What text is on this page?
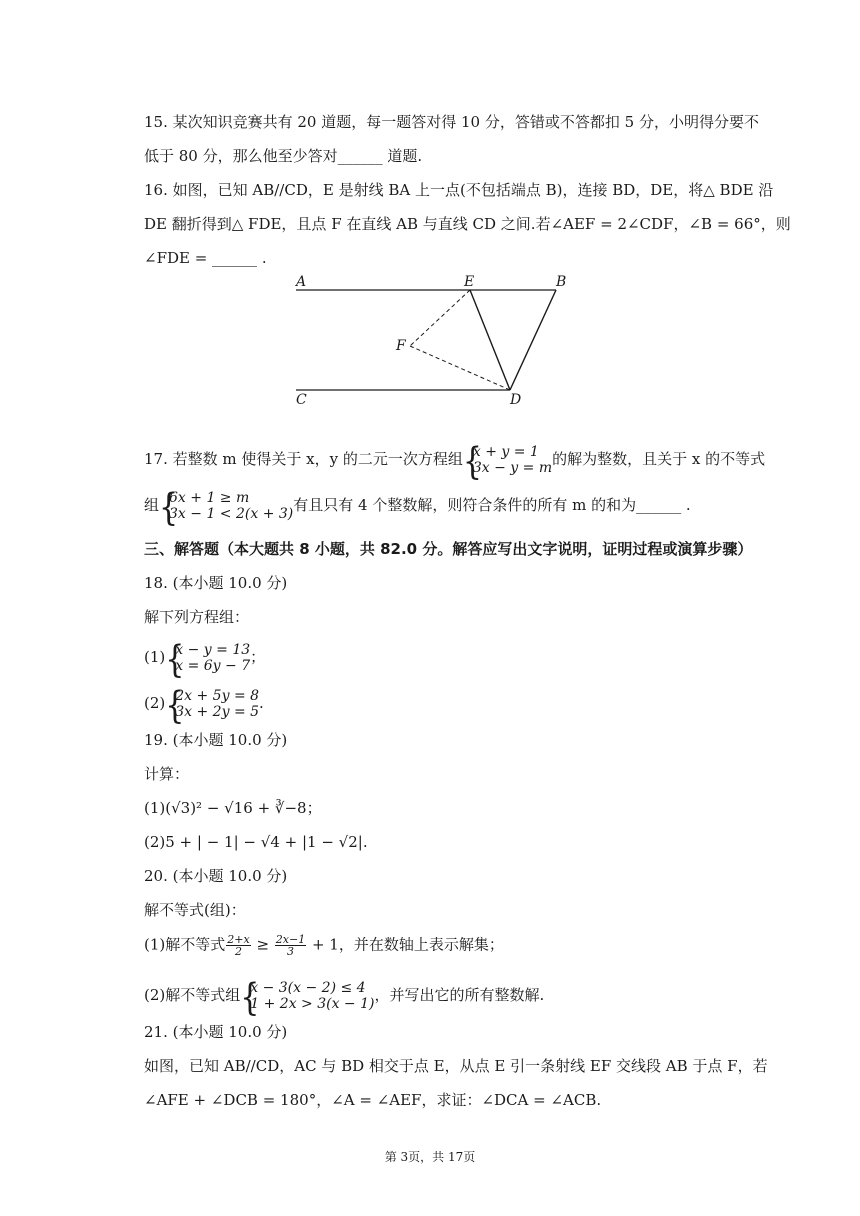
15. 某次知识竞赛共有 20 道题，每一题答对得 10 分，答错或不答都扣 5 分，小明得分要不
低于 80 分，那么他至少答对______ 道题.
16. 如图，已知 AB//CD，E 是射线 BA 上一点(不包括端点 B)，连接 BD，DE，将△ BDE 沿
DE 翻折得到△ FDE，且点 F 在直线 AB 与直线 CD 之间.若∠AEF = 2∠CDF，∠B = 66°，则
∠FDE = ______ .
A	E	B
F
C	D
17. 若整数 m 使得关于 x，y 的二元一次方程组 {
x + y = 1
3x − y = m 的解为整数，且关于 x 的不等式
组 {
6x + 1 ≥ m
3x − 1 < 2(x + 3) 有且只有 4 个整数解，则符合条件的所有 m 的和为______ .
三、解答题（本大题共 8 小题，共 82.0 分。解答应写出文字说明，证明过程或演算步骤）
18. (本小题 10.0 分)
解下列方程组：
(1) {
x − y = 13
x = 6y − 7 ；
(2) {
2x + 5y = 8
3x + 2y = 5 .
19. (本小题 10.0 分)
计算：
(1)(√3)² − √16 + ∛−8；
(2)5 + | − 1| − √4 + |1 − √2|.
20. (本小题 10.0 分)
解不等式(组)：
(1)解不等式 $\frac{2+x}{2} \ge \frac{2x-1}{3} + 1$，并在数轴上表示解集；
(2)解不等式组 {
x − 3(x − 2) ≤ 4
1 + 2x > 3(x − 1) ，并写出它的所有整数解.
21. (本小题 10.0 分)
如图，已知 AB//CD，AC 与 BD 相交于点 E，从点 E 引一条射线 EF 交线段 AB 于点 F，若
∠AFE + ∠DCB = 180°，∠A = ∠AEF，求证：∠DCA = ∠ACB.
第 3页，共 17页
